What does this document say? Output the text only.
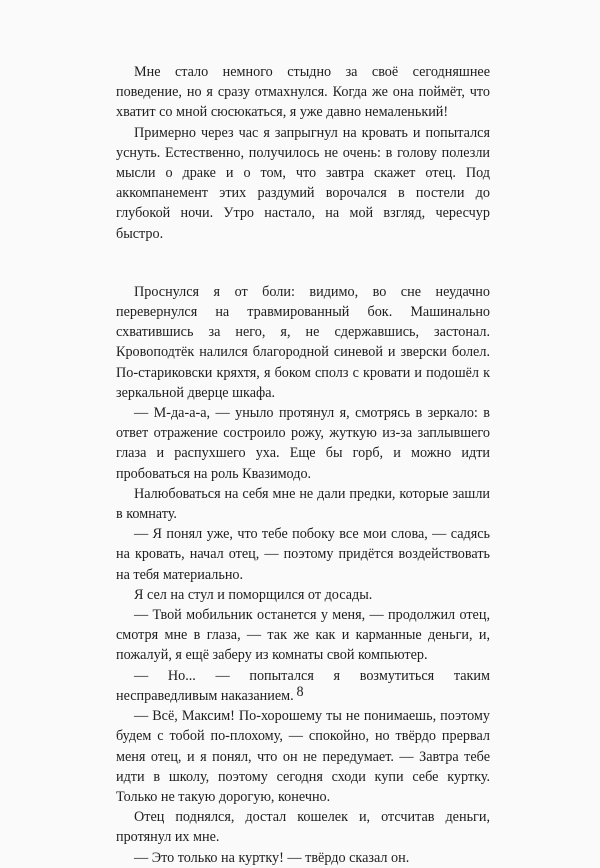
Мне стало немного стыдно за своё сегодняшнее поведение, но я сразу отмахнулся. Когда же она поймёт, что хватит со мной сюсюкаться, я уже давно немаленький!

Примерно через час я запрыгнул на кровать и попытался уснуть. Естественно, получилось не очень: в голову полезли мысли о драке и о том, что завтра скажет отец. Под аккомпанемент этих раздумий ворочался в постели до глубокой ночи. Утро настало, на мой взгляд, чересчур быстро.

Проснулся я от боли: видимо, во сне неудачно перевернулся на травмированный бок. Машинально схватившись за него, я, не сдержавшись, застонал. Кровоподтёк налился благородной синевой и зверски болел. По-стариковски кряхтя, я боком сполз с кровати и подошёл к зеркальной дверце шкафа.

— М-да-а-а, — уныло протянул я, смотрясь в зеркало: в ответ отражение состроило рожу, жуткую из-за заплывшего глаза и распухшего уха. Еще бы горб, и можно идти пробоваться на роль Квазимодо.

Налюбоваться на себя мне не дали предки, которые зашли в комнату.

— Я понял уже, что тебе побоку все мои слова, — садясь на кровать, начал отец, — поэтому придётся воздействовать на тебя материально.

Я сел на стул и поморщился от досады.

— Твой мобильник останется у меня, — продолжил отец, смотря мне в глаза, — так же как и карманные деньги, и, пожалуй, я ещё заберу из комнаты свой компьютер.

— Но... — попытался я возмутиться таким несправедливым наказанием.

— Всё, Максим! По-хорошему ты не понимаешь, поэтому будем с тобой по-плохому, — спокойно, но твёрдо прервал меня отец, и я понял, что он не передумает. — Завтра тебе идти в школу, поэтому сегодня сходи купи себе куртку. Только не такую дорогую, конечно.

Отец поднялся, достал кошелек и, отсчитав деньги, протянул их мне.

— Это только на куртку! — твёрдо сказал он.

8
